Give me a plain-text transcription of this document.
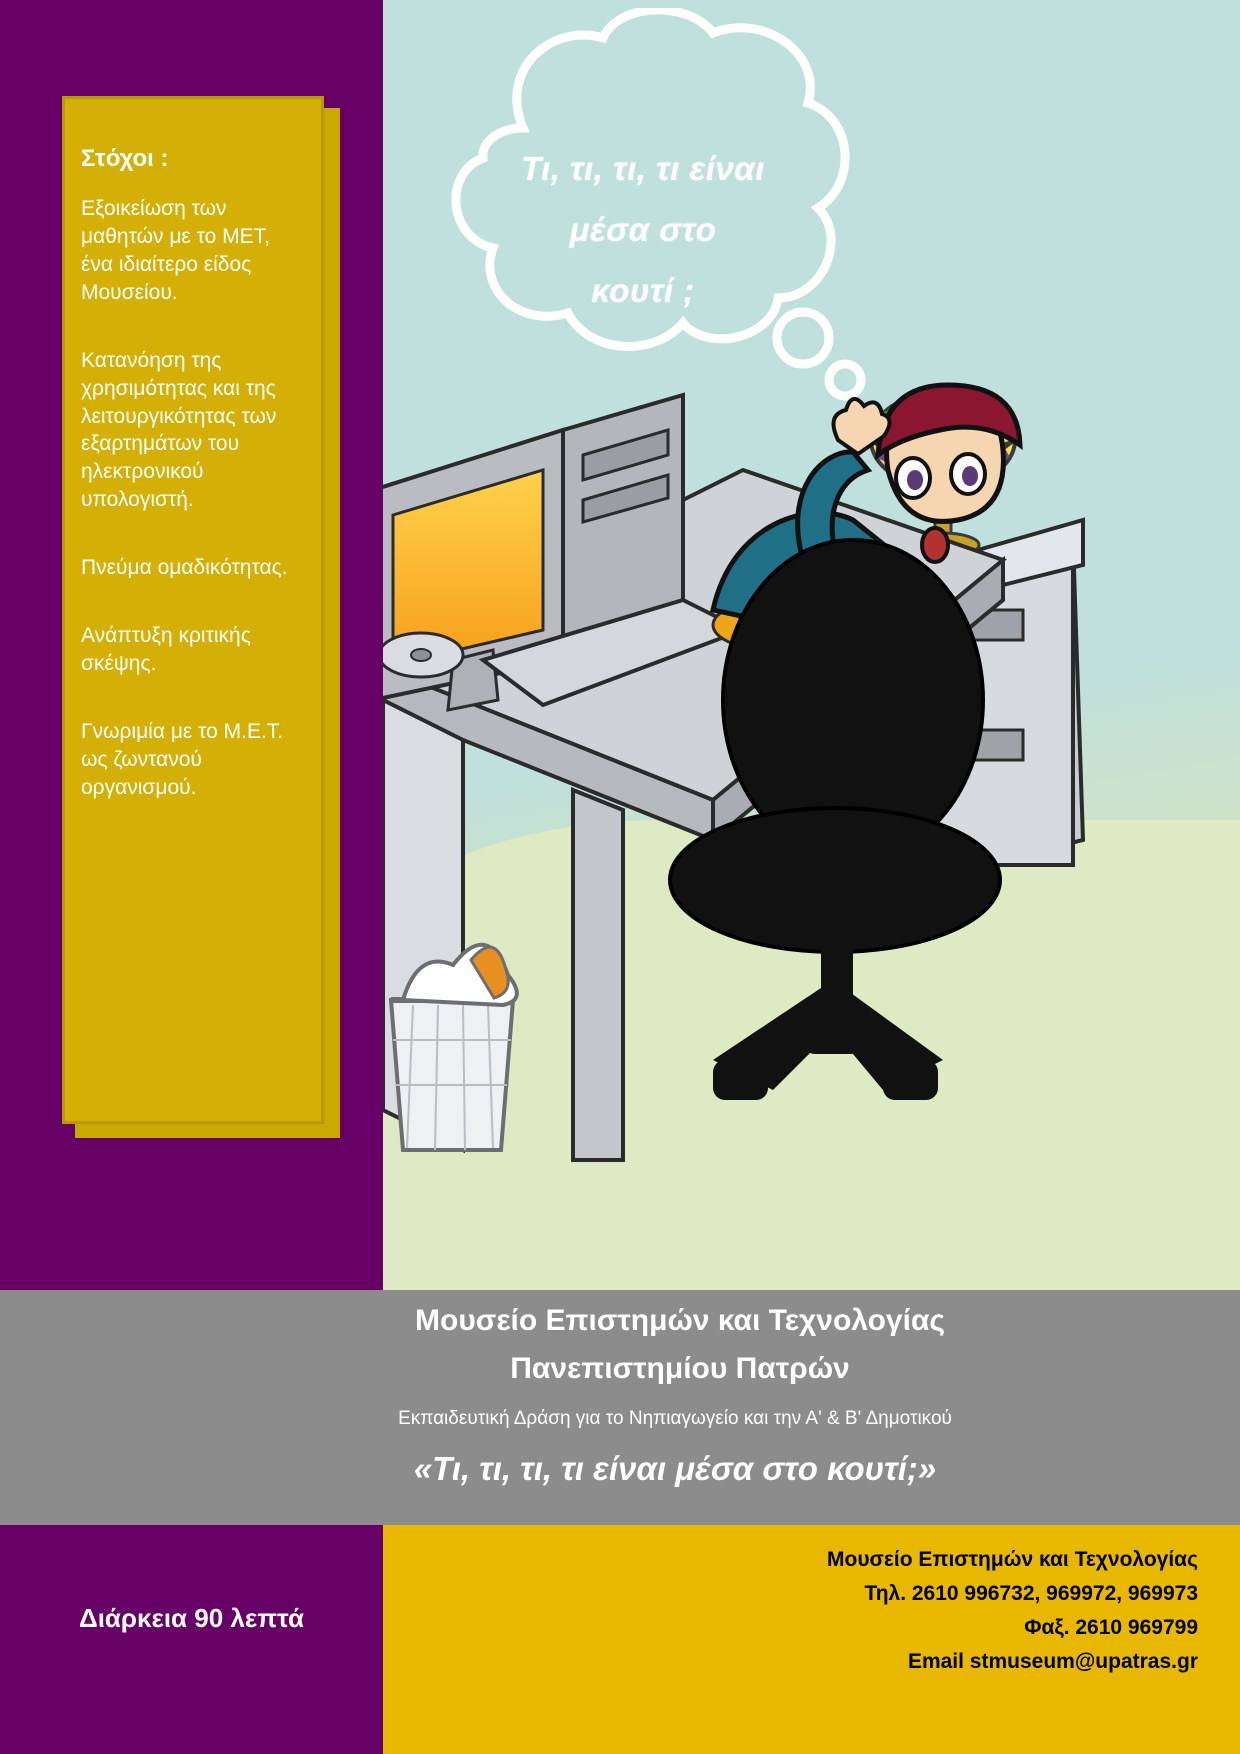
Τι, τι, τι, τι είναι
μέσα στο
κουτί ;
Στόχοι :
Εξοικείωση των μαθητών με το ΜΕΤ, ένα ιδιαίτερο είδος Μουσείου.
Κατανόηση της χρησιμότητας και της λειτουργικότητας των εξαρτημάτων του ηλεκτρονικού υπολογιστή.
Πνεύμα ομαδικότητας.
Ανάπτυξη κριτικής σκέψης.
Γνωριμία με το Μ.Ε.Τ. ως ζωντανού οργανισμού.
Μουσείο Επιστημών και Τεχνολογίας
Πανεπιστημίου Πατρών
Εκπαιδευτική Δράση για το Νηπιαγωγείο και την Α' & Β' Δημοτικού
«Τι, τι, τι, τι είναι μέσα στο κουτί;»
Διάρκεια 90 λεπτά
Μουσείο Επιστημών και Τεχνολογίας
Τηλ. 2610 996732, 969972, 969973
Φαξ. 2610 969799
Email stmuseum@upatras.gr
